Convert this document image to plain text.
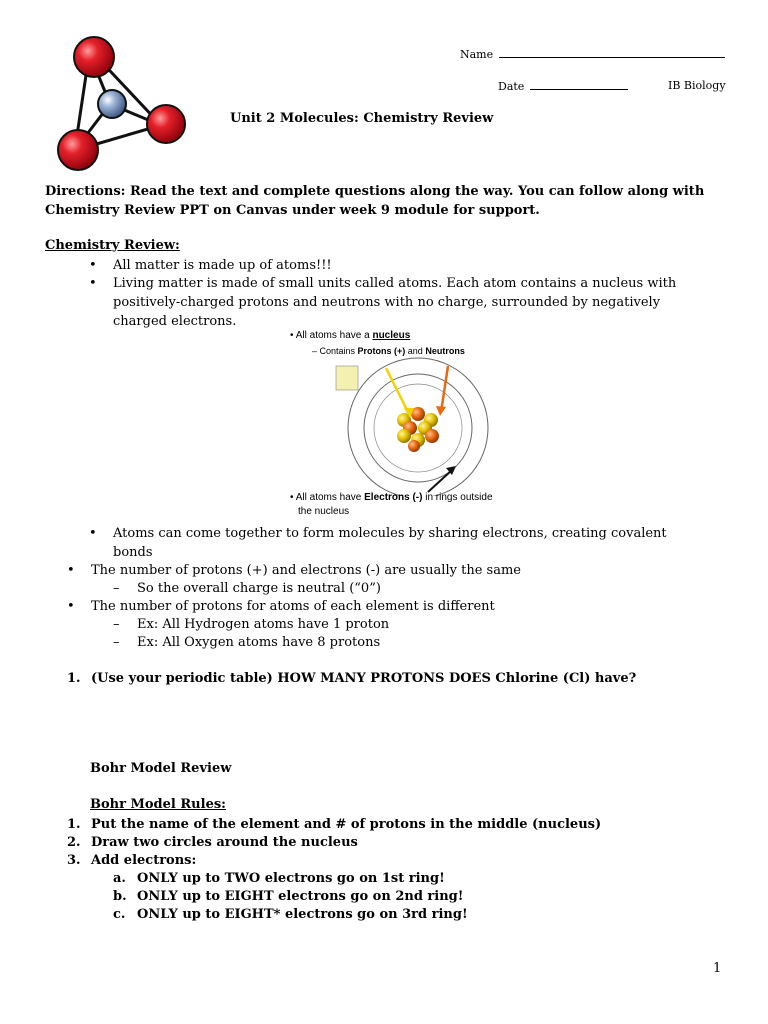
Name
Date	IB Biology
Unit 2 Molecules: Chemistry Review
Directions: Read the text and complete questions along the way. You can follow along with Chemistry Review PPT on Canvas under week 9 module for support.
Chemistry Review:
• All matter is made up of atoms!!!
• Living matter is made of small units called atoms. Each atom contains a nucleus with positively-charged protons and neutrons with no charge, surrounded by negatively charged electrons.
• All atoms have a nucleus
– Contains Protons (+) and Neutrons
• All atoms have Electrons (-) in rings outside
the nucleus
• Atoms can come together to form molecules by sharing electrons, creating covalent bonds
• The number of protons (+) and electrons (-) are usually the same
– So the overall charge is neutral (“0”)
• The number of protons for atoms of each element is different
– Ex: All Hydrogen atoms have 1 proton
– Ex: All Oxygen atoms have 8 protons
1. (Use your periodic table) HOW MANY PROTONS DOES Chlorine (Cl) have?
Bohr Model Review
Bohr Model Rules:
1. Put the name of the element and # of protons in the middle (nucleus)
2. Draw two circles around the nucleus
3. Add electrons:
a. ONLY up to TWO electrons go on 1st ring!
b. ONLY up to EIGHT electrons go on 2nd ring!
c. ONLY up to EIGHT* electrons go on 3rd ring!
1
